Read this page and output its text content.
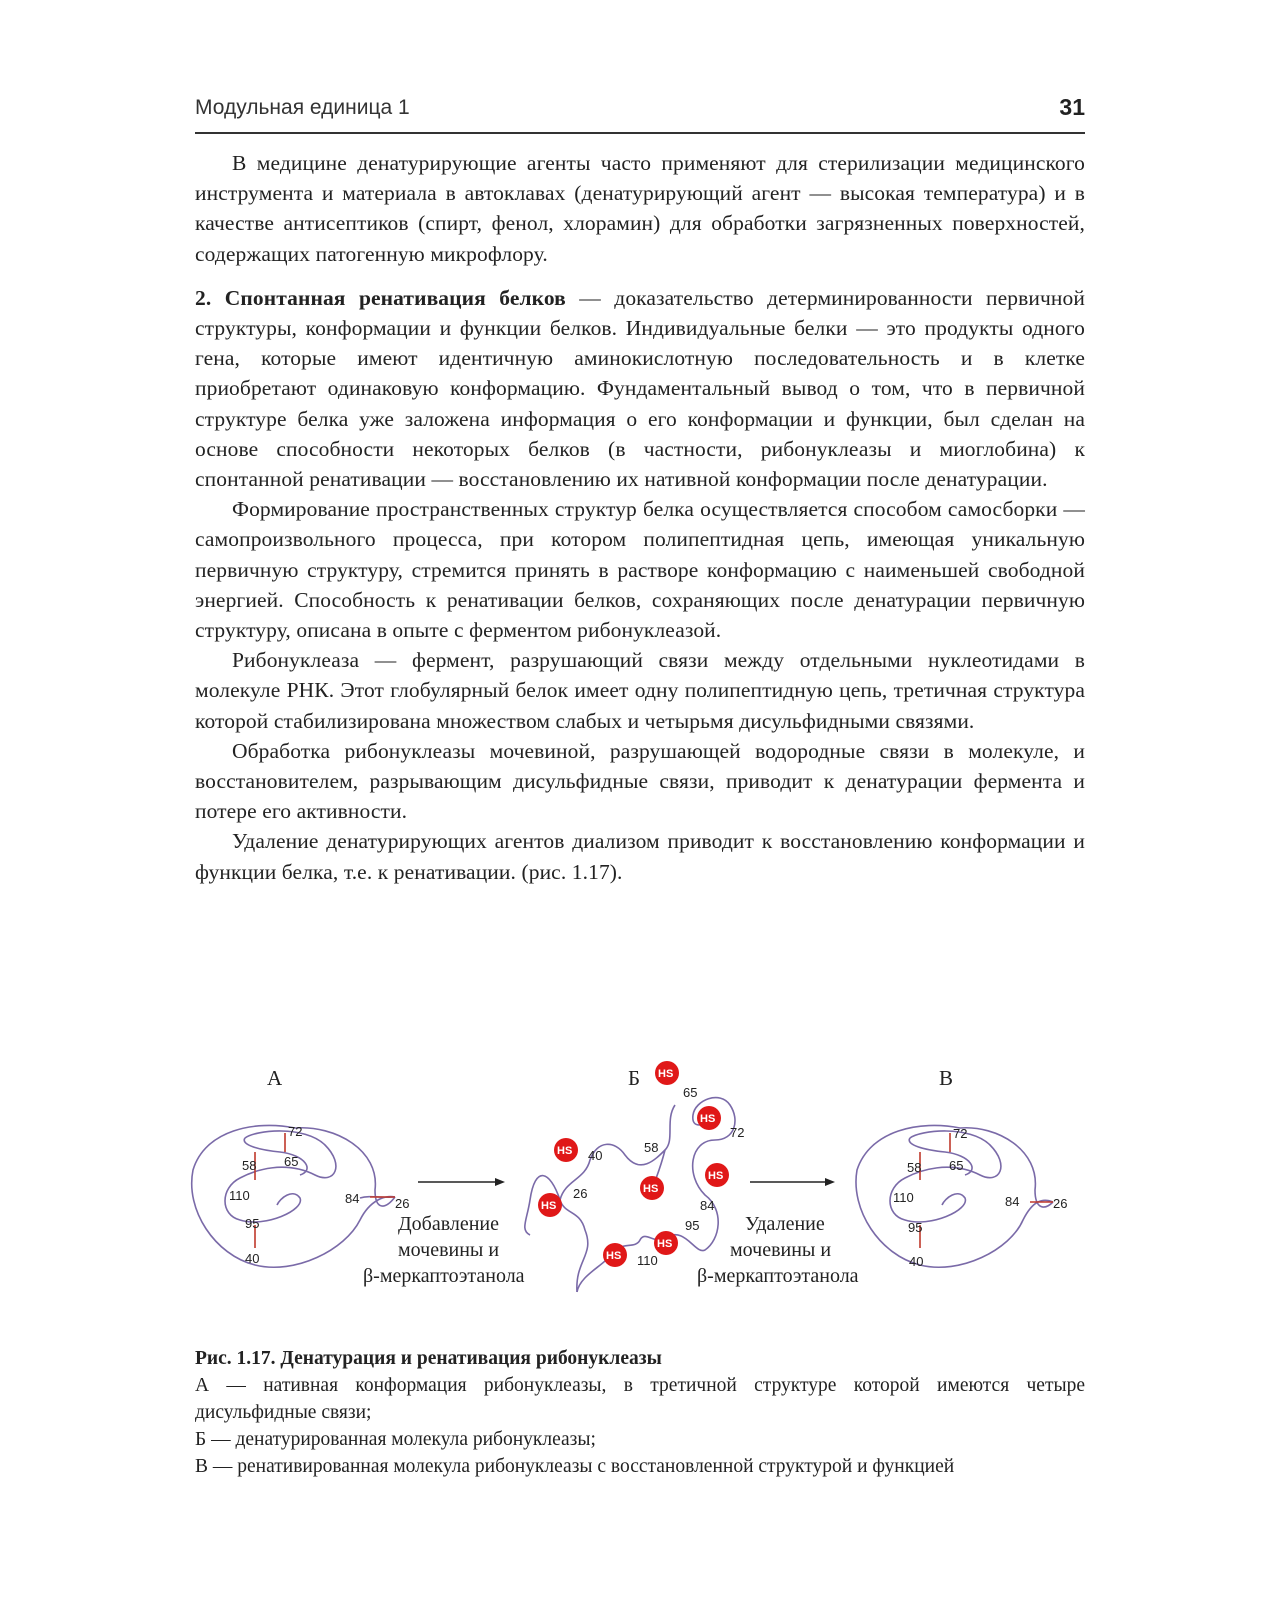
Модульная единица 1	31

В медицине денатурирующие агенты часто применяют для стерилизации медицинского инструмента и материала в автоклавах (денатурирующий агент — высокая температура) и в качестве антисептиков (спирт, фенол, хлорамин) для обработки загрязненных поверхностей, содержащих патогенную микрофлору.

2. Спонтанная ренативация белков — доказательство детерминированности первичной структуры, конформации и функции белков. Индивидуальные белки — это продукты одного гена, которые имеют идентичную аминокислотную последовательность и в клетке приобретают одинаковую конформацию. Фундаментальный вывод о том, что в первичной структуре белка уже заложена информация о его конформации и функции, был сделан на основе способности некоторых белков (в частности, рибонуклеазы и миоглобина) к спонтанной ренативации — восстановлению их нативной конформации после денатурации.

Формирование пространственных структур белка осуществляется способом самосборки — самопроизвольного процесса, при котором полипептидная цепь, имеющая уникальную первичную структуру, стремится принять в растворе конформацию с наименьшей свободной энергией. Способность к ренативации белков, сохраняющих после денатурации первичную структуру, описана в опыте с ферментом рибонуклеазой.

Рибонуклеаза — фермент, разрушающий связи между отдельными нуклеотидами в молекуле РНК. Этот глобулярный белок имеет одну полипептидную цепь, третичная структура которой стабилизирована множеством слабых и четырьмя дисульфидными связями.

Обработка рибонуклеазы мочевиной, разрушающей водородные связи в молекуле, и восстановителем, разрывающим дисульфидные связи, приводит к денатурации фермента и потере его активности.

Удаление денатурирующих агентов диализом приводит к восстановлению конформации и функции белка, т.е. к ренативации. (рис. 1.17).

А	Б	В
72
58 65
110	84	26
95
40
Добавление
мочевины и
β-меркаптоэтанола
HS
HS
HS
HS
HS
HS
HS
HS
65
72
40
58
26
84
95
110
Удаление
мочевины и
β-меркаптоэтанола
72
58 65
110	84	26
95
40

Рис. 1.17. Денатурация и ренативация рибонуклеазы

А — нативная конформация рибонуклеазы, в третичной структуре которой имеются четыре дисульфидные связи;

Б — денатурированная молекула рибонуклеазы;

В — ренативированная молекула рибонуклеазы с восстановленной структурой и функцией
